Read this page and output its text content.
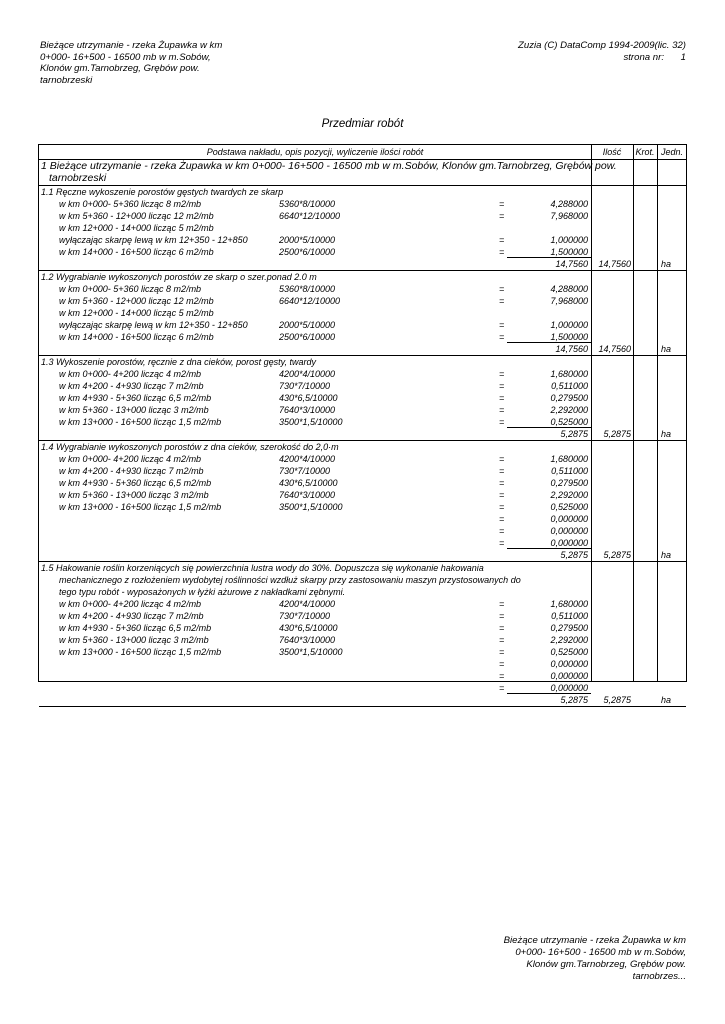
Bieżące utrzymanie - rzeka Żupawka w km
0+000- 16+500 - 16500 mb w m.Sobów,
Klonów gm.Tarnobrzeg, Grębów pow.
tarnobrzeski
Zuzia (C) DataComp 1994-2009(lic. 32)
strona nr: 1
Przedmiar robót
Podstawa nakładu, opis pozycji, wyliczenie ilości robót	Ilość	Krot. Jedn.
1 Bieżące utrzymanie - rzeka Żupawka w km 0+000- 16+500 - 16500 mb w m.Sobów, Klonów gm.Tarnobrzeg, Grębów pow.
tarnobrzeski
1.1 Ręczne wykoszenie porostów gęstych twardych ze skarp
w km 0+000- 5+360 licząc 8 m2/mb	5360*8/10000	=	4,288000
w km 5+360 - 12+000 licząc 12 m2/mb	6640*12/10000	=	7,968000
w km 12+000 - 14+000 licząc 5 m2/mb
wyłączając skarpę lewą w km 12+350 - 12+850	2000*5/10000	=	1,000000
w km 14+000 - 16+500 licząc 6 m2/mb	2500*6/10000	=	1,500000
14,7560	14,7560	ha
1.2 Wygrabianie wykoszonych porostów ze skarp o szer.ponad 2.0 m
w km 0+000- 5+360 licząc 8 m2/mb	5360*8/10000	=	4,288000
w km 5+360 - 12+000 licząc 12 m2/mb	6640*12/10000	=	7,968000
w km 12+000 - 14+000 licząc 5 m2/mb
wyłączając skarpę lewą w km 12+350 - 12+850	2000*5/10000	=	1,000000
w km 14+000 - 16+500 licząc 6 m2/mb	2500*6/10000	=	1,500000
14,7560	14,7560	ha
1.3 Wykoszenie porostów, ręcznie z dna cieków, porost gęsty, twardy
w km 0+000- 4+200 licząc 4 m2/mb	4200*4/10000	=	1,680000
w km 4+200 - 4+930 licząc 7 m2/mb	730*7/10000	=	0,511000
w km 4+930 - 5+360 licząc 6,5 m2/mb	430*6,5/10000	=	0,279500
w km 5+360 - 13+000 licząc 3 m2/mb	7640*3/10000	=	2,292000
w km 13+000 - 16+500 licząc 1,5 m2/mb	3500*1,5/10000	=	0,525000
5,2875	5,2875	ha
1.4 Wygrabianie wykoszonych porostów z dna cieków, szerokość do 2,0·m
w km 0+000- 4+200 licząc 4 m2/mb	4200*4/10000	=	1,680000
w km 4+200 - 4+930 licząc 7 m2/mb	730*7/10000	=	0,511000
w km 4+930 - 5+360 licząc 6,5 m2/mb	430*6,5/10000	=	0,279500
w km 5+360 - 13+000 licząc 3 m2/mb	7640*3/10000	=	2,292000
w km 13+000 - 16+500 licząc 1,5 m2/mb	3500*1,5/10000	=	0,525000
=	0,000000
=	0,000000
=	0,000000
5,2875	5,2875	ha
1.5 Hakowanie roślin korzeniących się powierzchnia lustra wody do 30%. Dopuszcza się wykonanie hakowania
mechanicznego z rozłożeniem wydobytej roślinności wzdłuż skarpy przy zastosowaniu maszyn przystosowanych do
tego typu robót - wyposażonych w łyżki ażurowe z nakładkami zębnymi.
w km 0+000- 4+200 licząc 4 m2/mb	4200*4/10000	=	1,680000
w km 4+200 - 4+930 licząc 7 m2/mb	730*7/10000	=	0,511000
w km 4+930 - 5+360 licząc 6,5 m2/mb	430*6,5/10000	=	0,279500
w km 5+360 - 13+000 licząc 3 m2/mb	7640*3/10000	=	2,292000
w km 13+000 - 16+500 licząc 1,5 m2/mb	3500*1,5/10000	=	0,525000
=	0,000000
=	0,000000
=	0,000000
5,2875	5,2875	ha
Bieżące utrzymanie - rzeka Żupawka w km
0+000- 16+500 - 16500 mb w m.Sobów,
Klonów gm.Tarnobrzeg, Grębów pow.
tarnobrzes...
